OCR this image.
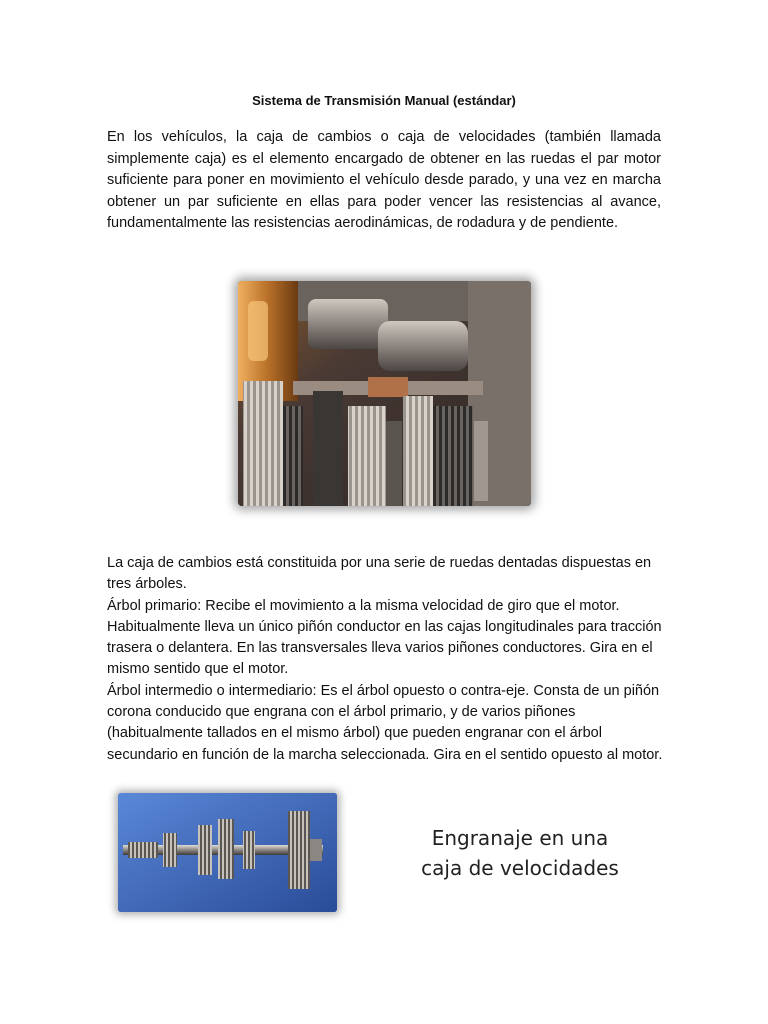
Sistema de Transmisión Manual (estándar)
En los vehículos, la caja de cambios o caja de velocidades (también llamada simplemente caja) es el elemento encargado de obtener en las ruedas el par motor suficiente para poner en movimiento el vehículo desde parado, y una vez en marcha obtener un par suficiente en ellas para poder vencer las resistencias al avance, fundamentalmente las resistencias aerodinámicas, de rodadura y de pendiente.

La caja de cambios está constituida por una serie de ruedas dentadas dispuestas en tres árboles.

Árbol primario: Recibe el movimiento a la misma velocidad de giro que el motor. Habitualmente lleva un único piñón conductor en las cajas longitudinales para tracción trasera o delantera. En las transversales lleva varios piñones conductores. Gira en el mismo sentido que el motor.

Árbol intermedio o intermediario: Es el árbol opuesto o contra-eje. Consta de un piñón corona conducido que engrana con el árbol primario, y de varios piñones (habitualmente tallados en el mismo árbol) que pueden engranar con el árbol secundario en función de la marcha seleccionada. Gira en el sentido opuesto al motor.

Engranaje en una
caja de velocidades
